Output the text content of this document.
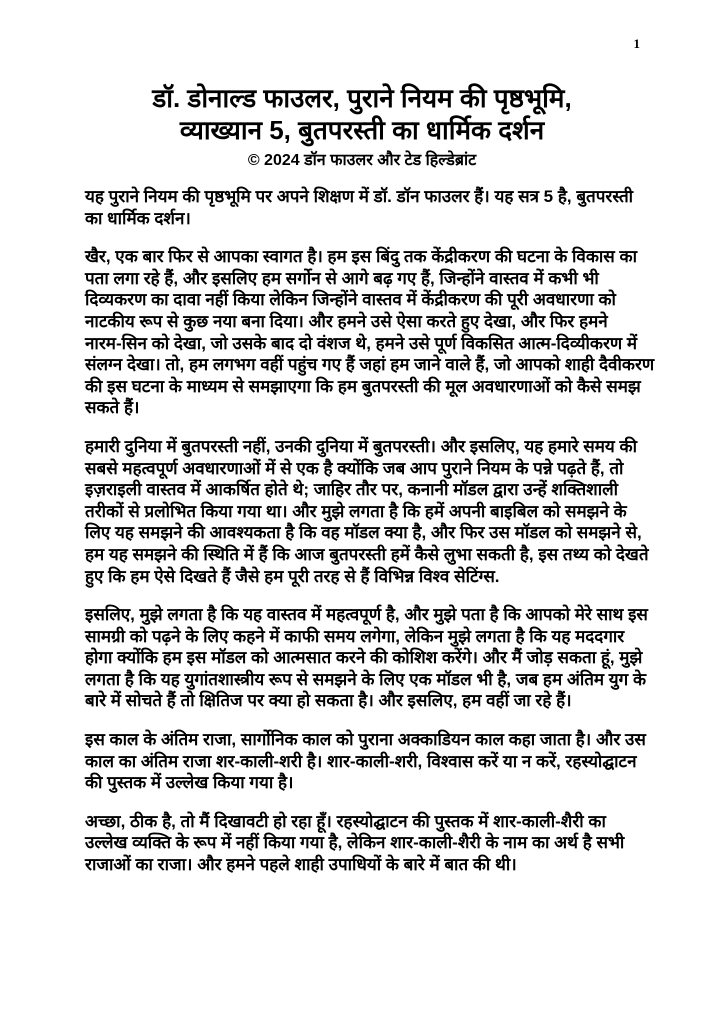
1
डॉ. डोनाल्ड फाउलर, पुराने नियम की पृष्ठभूमि,
व्याख्यान 5, बुतपरस्ती का धार्मिक दर्शन
© 2024 डॉन फाउलर और टेड हिल्डेब्रांट
यह पुराने नियम की पृष्ठभूमि पर अपने शिक्षण में डॉ. डॉन फाउलर हैं। यह सत्र 5 है, बुतपरस्ती
का धार्मिक दर्शन।
खैर, एक बार फिर से आपका स्वागत है। हम इस बिंदु तक केंद्रीकरण की घटना के विकास का
पता लगा रहे हैं, और इसलिए हम सर्गोन से आगे बढ़ गए हैं, जिन्होंने वास्तव में कभी भी
दिव्यकरण का दावा नहीं किया लेकिन जिन्होंने वास्तव में केंद्रीकरण की पूरी अवधारणा को
नाटकीय रूप से कुछ नया बना दिया। और हमने उसे ऐसा करते हुए देखा, और फिर हमने
नारम-सिन को देखा, जो उसके बाद दो वंशज थे, हमने उसे पूर्ण विकसित आत्म-दिव्यीकरण में
संलग्न देखा। तो, हम लगभग वहीं पहुंच गए हैं जहां हम जाने वाले हैं, जो आपको शाही दैवीकरण
की इस घटना के माध्यम से समझाएगा कि हम बुतपरस्ती की मूल अवधारणाओं को कैसे समझ
सकते हैं।
हमारी दुनिया में बुतपरस्ती नहीं, उनकी दुनिया में बुतपरस्ती। और इसलिए, यह हमारे समय की
सबसे महत्वपूर्ण अवधारणाओं में से एक है क्योंकि जब आप पुराने नियम के पन्ने पढ़ते हैं, तो
इज़राइली वास्तव में आकर्षित होते थे; जाहिर तौर पर, कनानी मॉडल द्वारा उन्हें शक्तिशाली
तरीकों से प्रलोभित किया गया था। और मुझे लगता है कि हमें अपनी बाइबिल को समझने के
लिए यह समझने की आवश्यकता है कि वह मॉडल क्या है, और फिर उस मॉडल को समझने से,
हम यह समझने की स्थिति में हैं कि आज बुतपरस्ती हमें कैसे लुभा सकती है, इस तथ्य को देखते
हुए कि हम ऐसे दिखते हैं जैसे हम पूरी तरह से हैं विभिन्न विश्व सेटिंग्स.
इसलिए, मुझे लगता है कि यह वास्तव में महत्वपूर्ण है, और मुझे पता है कि आपको मेरे साथ इस
सामग्री को पढ़ने के लिए कहने में काफी समय लगेगा, लेकिन मुझे लगता है कि यह मददगार
होगा क्योंकि हम इस मॉडल को आत्मसात करने की कोशिश करेंगे। और मैं जोड़ सकता हूं, मुझे
लगता है कि यह युगांतशास्त्रीय रूप से समझने के लिए एक मॉडल भी है, जब हम अंतिम युग के
बारे में सोचते हैं तो क्षितिज पर क्या हो सकता है। और इसलिए, हम वहीं जा रहे हैं।
इस काल के अंतिम राजा, सार्गोनिक काल को पुराना अक्काडियन काल कहा जाता है। और उस
काल का अंतिम राजा शर-काली-शरी है। शार-काली-शरी, विश्वास करें या न करें, रहस्योद्घाटन
की पुस्तक में उल्लेख किया गया है।
अच्छा, ठीक है, तो मैं दिखावटी हो रहा हूँ। रहस्योद्घाटन की पुस्तक में शार-काली-शैरी का
उल्लेख व्यक्ति के रूप में नहीं किया गया है, लेकिन शार-काली-शैरी के नाम का अर्थ है सभी
राजाओं का राजा। और हमने पहले शाही उपाधियों के बारे में बात की थी।
